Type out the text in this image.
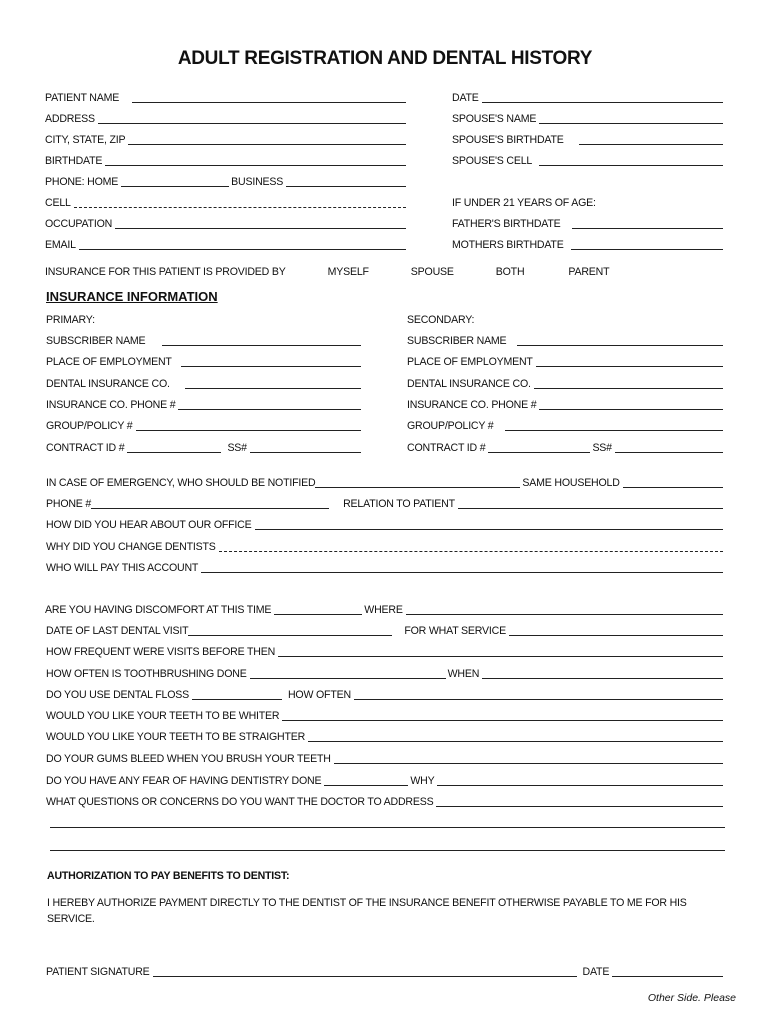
ADULT REGISTRATION AND DENTAL HISTORY
PATIENT NAME
ADDRESS
CITY, STATE, ZIP
BIRTHDATE
PHONE: HOME	BUSINESS
CELL
OCCUPATION
EMAIL
DATE
SPOUSE'S NAME
SPOUSE'S BIRTHDATE
SPOUSE'S CELL
IF UNDER 21 YEARS OF AGE:
FATHER'S BIRTHDATE
MOTHERS BIRTHDATE
INSURANCE FOR THIS PATIENT IS PROVIDED BY	MYSELF	SPOUSE	BOTH	PARENT
INSURANCE INFORMATION
PRIMARY:
SUBSCRIBER NAME
PLACE OF EMPLOYMENT
DENTAL INSURANCE CO.
INSURANCE CO. PHONE #
GROUP/POLICY #
CONTRACT ID #	SS#
SECONDARY:
SUBSCRIBER NAME
PLACE OF EMPLOYMENT
DENTAL INSURANCE CO.
INSURANCE CO. PHONE #
GROUP/POLICY #
CONTRACT ID #	SS#
IN CASE OF EMERGENCY, WHO SHOULD BE NOTIFIED	SAME HOUSEHOLD
PHONE #	RELATION TO PATIENT
HOW DID YOU HEAR ABOUT OUR OFFICE
WHY DID YOU CHANGE DENTISTS
WHO WILL PAY THIS ACCOUNT
ARE YOU HAVING DISCOMFORT AT THIS TIME	WHERE
DATE OF LAST DENTAL VISIT	FOR WHAT SERVICE
HOW FREQUENT WERE VISITS BEFORE THEN
HOW OFTEN IS TOOTHBRUSHING DONE	WHEN
DO YOU USE DENTAL FLOSS	HOW OFTEN
WOULD YOU LIKE YOUR TEETH TO BE WHITER
WOULD YOU LIKE YOUR TEETH TO BE STRAIGHTER
DO YOUR GUMS BLEED WHEN YOU BRUSH YOUR TEETH
DO YOU HAVE ANY FEAR OF HAVING DENTISTRY DONE	WHY
WHAT QUESTIONS OR CONCERNS DO YOU WANT THE DOCTOR TO ADDRESS
AUTHORIZATION TO PAY BENEFITS TO DENTIST:
I HEREBY AUTHORIZE PAYMENT DIRECTLY TO THE DENTIST OF THE INSURANCE BENEFIT OTHERWISE PAYABLE TO ME FOR HIS SERVICE.
PATIENT SIGNATURE	DATE
Other Side. Please
